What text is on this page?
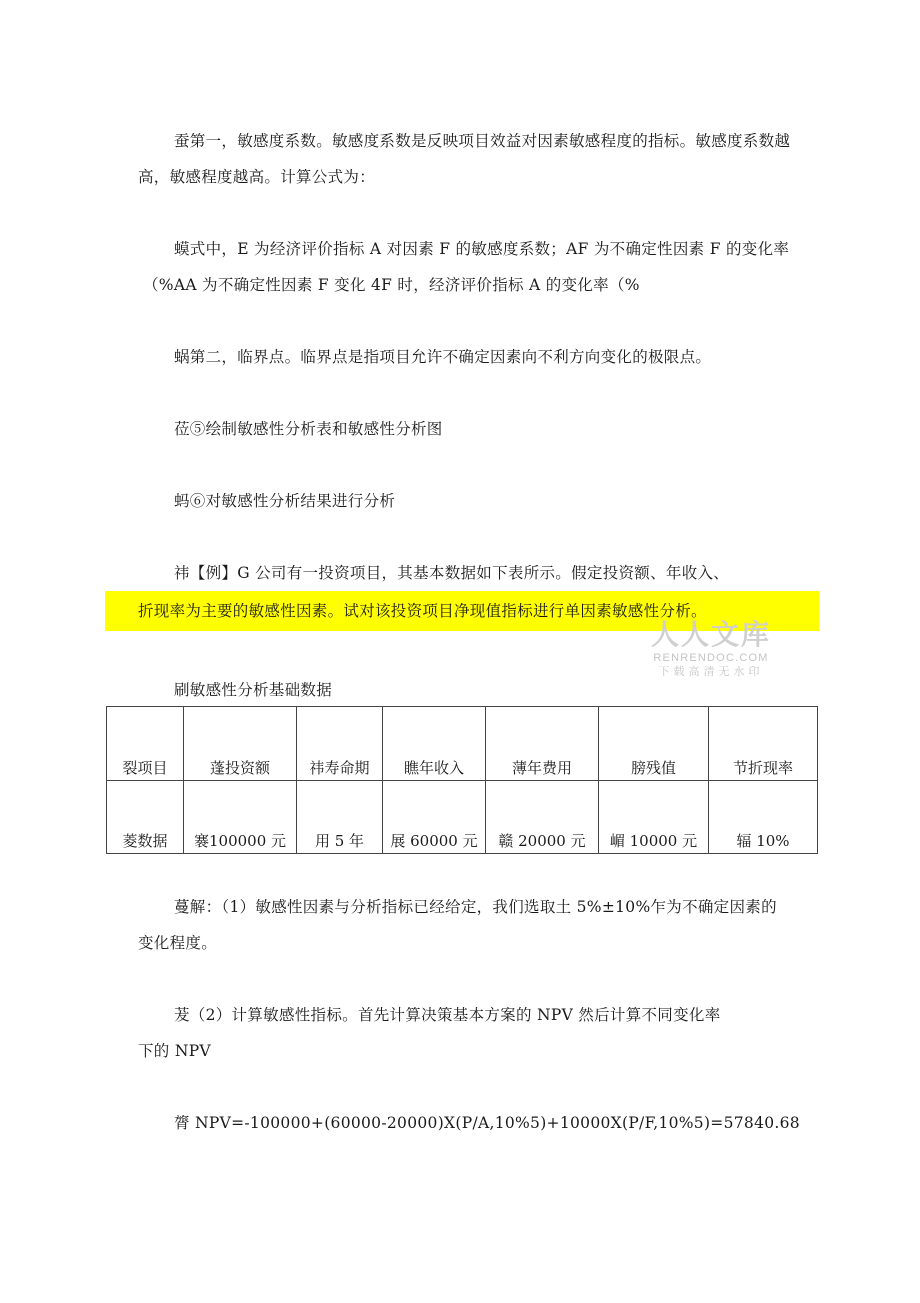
蚕第一，敏感度系数。敏感度系数是反映项目效益对因素敏感程度的指标。敏感度系数越
高，敏感程度越高。计算公式为：
蟆式中，E 为经济评价指标 A 对因素 F 的敏感度系数；AF 为不确定性因素 F 的变化率
（%AA 为不确定性因素 F 变化 4F 时，经济评价指标 A 的变化率（%
蜗第二，临界点。临界点是指项目允许不确定因素向不利方向变化的极限点。
莅⑤绘制敏感性分析表和敏感性分析图
蚂⑥对敏感性分析结果进行分析
祎【例】G 公司有一投资项目，其基本数据如下表所示。假定投资额、年收入、
折现率为主要的敏感性因素。试对该投资项目净现值指标进行单因素敏感性分析。
人人文库
RENRENDOC.COM
下载高清无水印
刷敏感性分析基础数据
裂项目	蓬投资额	祎寿命期	瞧年收入	薄年费用	膀残值	节折现率
菱数据	褰100000 元	用 5 年	展 60000 元	赣 20000 元	嵋 10000 元	辐 10%
蔓解：（1）敏感性因素与分析指标已经给定，我们选取土 5%±10%乍为不确定因素的
变化程度。
茇（2）计算敏感性指标。首先计算决策基本方案的 NPV 然后计算不同变化率
下的 NPV
膂 NPV=-100000+(60000-20000)X(P/A,10%5)+10000X(P/F,10%5)=57840.68
